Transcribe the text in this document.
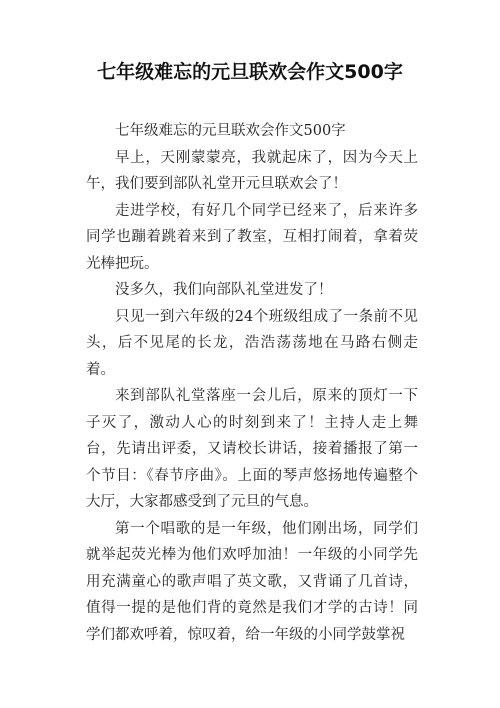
七年级难忘的元旦联欢会作文500字

七年级难忘的元旦联欢会作文500字

早上，天刚蒙蒙亮，我就起床了，因为今天上午，我们要到部队礼堂开元旦联欢会了！

走进学校，有好几个同学已经来了，后来许多同学也蹦着跳着来到了教室，互相打闹着，拿着荧光棒把玩。

没多久，我们向部队礼堂进发了！

只见一到六年级的24个班级组成了一条前不见头，后不见尾的长龙，浩浩荡荡地在马路右侧走着。

来到部队礼堂落座一会儿后，原来的顶灯一下子灭了，激动人心的时刻到来了！主持人走上舞台，先请出评委，又请校长讲话，接着播报了第一个节目：《春节序曲》。上面的琴声悠扬地传遍整个大厅，大家都感受到了元旦的气息。

第一个唱歌的是一年级，他们刚出场，同学们就举起荧光棒为他们欢呼加油！一年级的小同学先用充满童心的歌声唱了英文歌，又背诵了几首诗，值得一提的是他们背的竟然是我们才学的古诗！同学们都欢呼着，惊叹着，给一年级的小同学鼓掌祝
